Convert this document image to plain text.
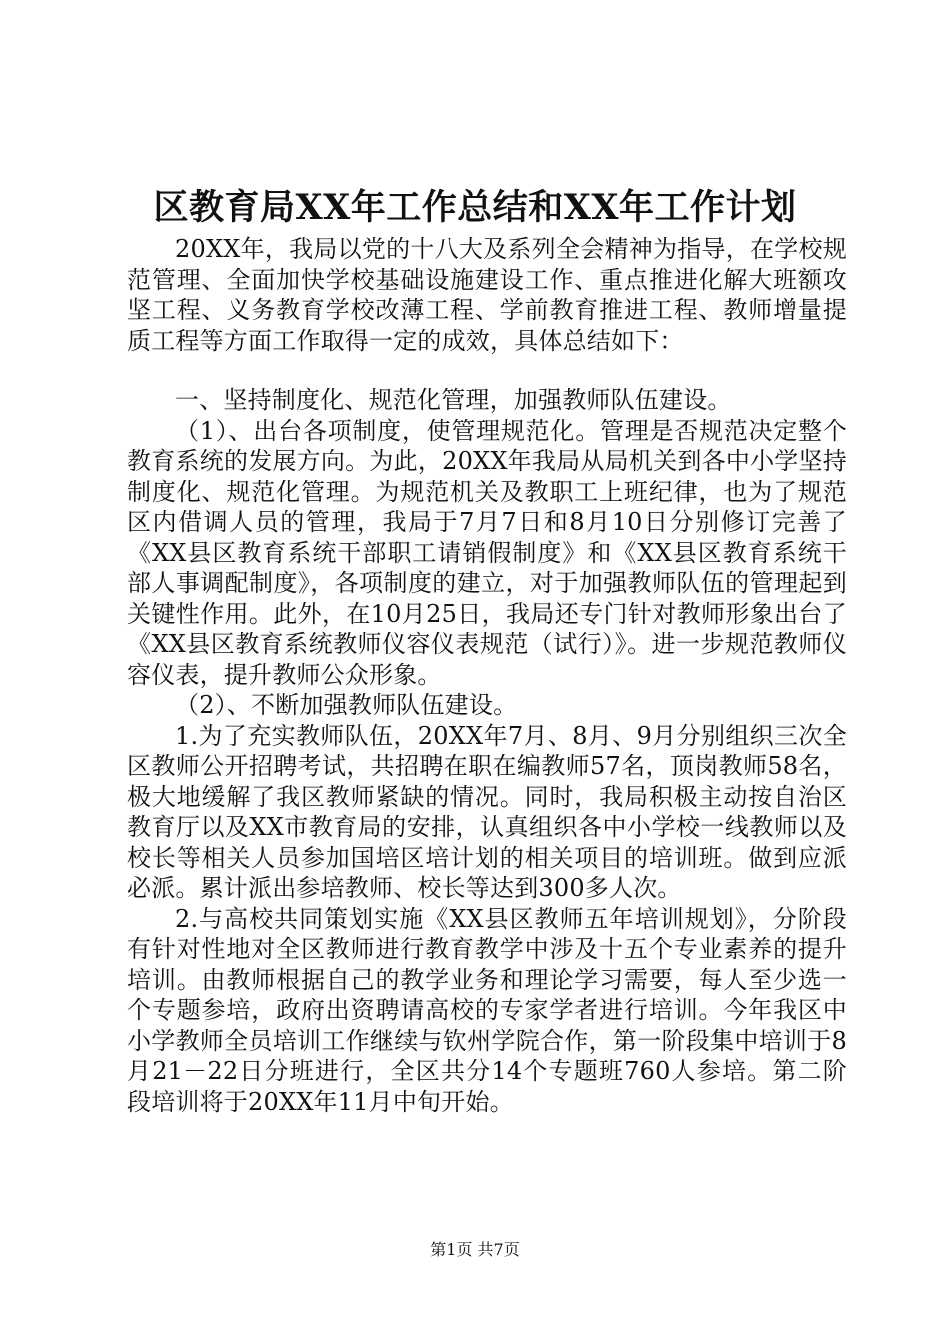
区教育局XX年工作总结和XX年工作计划

20XX年，我局以党的十八大及系列全会精神为指导，在学校规范管理、全面加快学校基础设施建设工作、重点推进化解大班额攻坚工程、义务教育学校改薄工程、学前教育推进工程、教师增量提质工程等方面工作取得一定的成效，具体总结如下：

一、坚持制度化、规范化管理，加强教师队伍建设。

（1）、出台各项制度，使管理规范化。管理是否规范决定整个教育系统的发展方向。为此，20XX年我局从局机关到各中小学坚持制度化、规范化管理。为规范机关及教职工上班纪律，也为了规范区内借调人员的管理，我局于7月7日和8月10日分别修订完善了《XX县区教育系统干部职工请销假制度》和《XX县区教育系统干部人事调配制度》，各项制度的建立，对于加强教师队伍的管理起到关键性作用。此外，在10月25日，我局还专门针对教师形象出台了《XX县区教育系统教师仪容仪表规范（试行）》。进一步规范教师仪容仪表，提升教师公众形象。

（2）、不断加强教师队伍建设。

1.为了充实教师队伍，20XX年7月、8月、9月分别组织三次全区教师公开招聘考试，共招聘在职在编教师57名，顶岗教师58名，极大地缓解了我区教师紧缺的情况。同时，我局积极主动按自治区教育厅以及XX市教育局的安排，认真组织各中小学校一线教师以及校长等相关人员参加国培区培计划的相关项目的培训班。做到应派必派。累计派出参培教师、校长等达到300多人次。

2.与高校共同策划实施《XX县区教师五年培训规划》，分阶段有针对性地对全区教师进行教育教学中涉及十五个专业素养的提升培训。由教师根据自己的教学业务和理论学习需要，每人至少选一个专题参培，政府出资聘请高校的专家学者进行培训。今年我区中小学教师全员培训工作继续与钦州学院合作，第一阶段集中培训于8月21－22日分班进行，全区共分14个专题班760人参培。第二阶段培训将于20XX年11月中旬开始。

第1页 共7页
